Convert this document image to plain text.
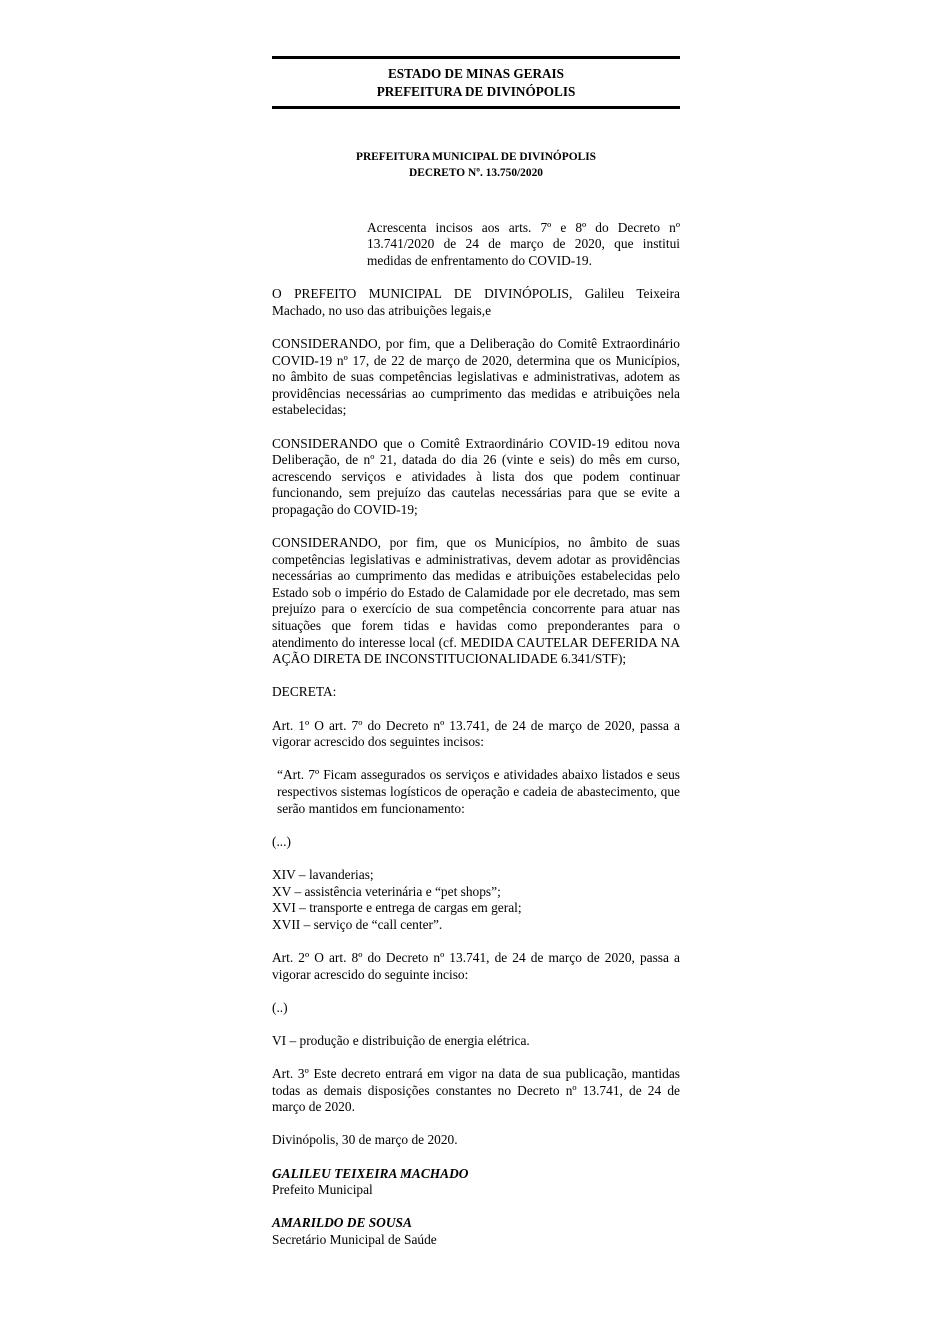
ESTADO DE MINAS GERAIS
PREFEITURA DE DIVINÓPOLIS
PREFEITURA MUNICIPAL DE DIVINÓPOLIS
DECRETO Nº. 13.750/2020

Acrescenta incisos aos arts. 7º e 8º do Decreto nº 13.741/2020 de 24 de março de 2020, que institui medidas de enfrentamento do COVID-19.

O PREFEITO MUNICIPAL DE DIVINÓPOLIS, Galileu Teixeira Machado, no uso das atribuições legais,e

CONSIDERANDO, por fim, que a Deliberação do Comitê Extraordinário COVID-19 nº 17, de 22 de março de 2020, determina que os Municípios, no âmbito de suas competências legislativas e administrativas, adotem as providências necessárias ao cumprimento das medidas e atribuições nela estabelecidas;

CONSIDERANDO que o Comitê Extraordinário COVID-19 editou nova Deliberação, de nº 21, datada do dia 26 (vinte e seis) do mês em curso, acrescendo serviços e atividades à lista dos que podem continuar funcionando, sem prejuízo das cautelas necessárias para que se evite a propagação do COVID-19;

CONSIDERANDO, por fim, que os Municípios, no âmbito de suas competências legislativas e administrativas, devem adotar as providências necessárias ao cumprimento das medidas e atribuições estabelecidas pelo Estado sob o império do Estado de Calamidade por ele decretado, mas sem prejuízo para o exercício de sua competência concorrente para atuar nas situações que forem tidas e havidas como preponderantes para o atendimento do interesse local (cf. MEDIDA CAUTELAR DEFERIDA NA AÇÃO DIRETA DE INCONSTITUCIONALIDADE 6.341/STF);

DECRETA:

Art. 1º O art. 7º do Decreto nº 13.741, de 24 de março de 2020, passa a vigorar acrescido dos seguintes incisos:

“Art. 7º Ficam assegurados os serviços e atividades abaixo listados e seus respectivos sistemas logísticos de operação e cadeia de abastecimento, que serão mantidos em funcionamento:

(...)

XIV – lavanderias;
XV – assistência veterinária e “pet shops”;
XVI – transporte e entrega de cargas em geral;
XVII – serviço de “call center”.

Art. 2º O art. 8º do Decreto nº 13.741, de 24 de março de 2020, passa a vigorar acrescido do seguinte inciso:

(..)

VI – produção e distribuição de energia elétrica.

Art. 3º Este decreto entrará em vigor na data de sua publicação, mantidas todas as demais disposições constantes no Decreto nº 13.741, de 24 de março de 2020.

Divinópolis, 30 de março de 2020.

GALILEU TEIXEIRA MACHADO
Prefeito Municipal
AMARILDO DE SOUSA
Secretário Municipal de Saúde
